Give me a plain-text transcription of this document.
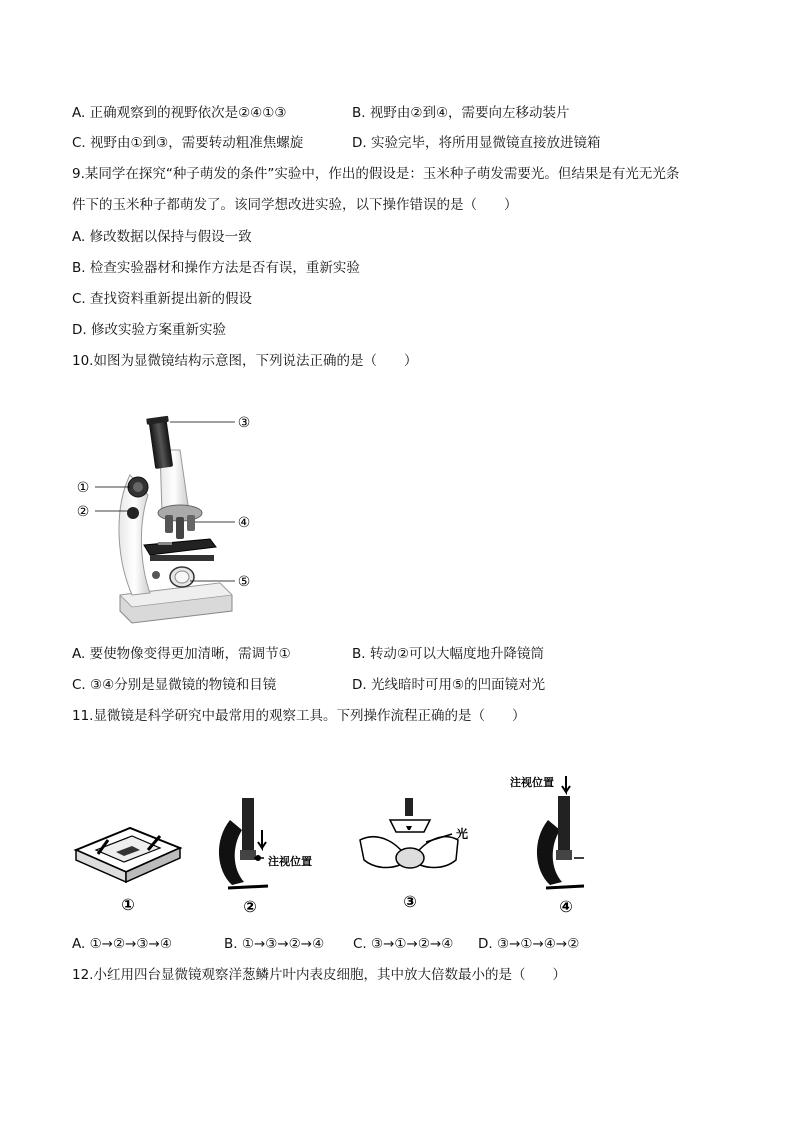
A. 正确观察到的视野依次是②④①③	B. 视野由②到④，需要向左移动装片
C. 视野由①到③，需要转动粗准焦螺旋	D. 实验完毕，将所用显微镜直接放进镜箱
9.某同学在探究“种子萌发的条件”实验中，作出的假设是：玉米种子萌发需要光。但结果是有光无光条
件下的玉米种子都萌发了。该同学想改进实验，以下操作错误的是（　　）
A. 修改数据以保持与假设一致
B. 检查实验器材和操作方法是否有误，重新实验
C. 查找资料重新提出新的假设
D. 修改实验方案重新实验
10.如图为显微镜结构示意图，下列说法正确的是（　　）
③
①
②
④
⑤
A. 要使物像变得更加清晰，需调节①	B. 转动②可以大幅度地升降镜筒
C. ③④分别是显微镜的物镜和目镜	D. 光线暗时可用⑤的凹面镜对光
11.显微镜是科学研究中最常用的观察工具。下列操作流程正确的是（　　）
①
注视位置
②
光
③
注视位置
④
A. ①→②→③→④	B. ①→③→②→④ C. ③→①→②→④ D. ③→①→④→②
12.小红用四台显微镜观察洋葱鳞片叶内表皮细胞，其中放大倍数最小的是（　　）
